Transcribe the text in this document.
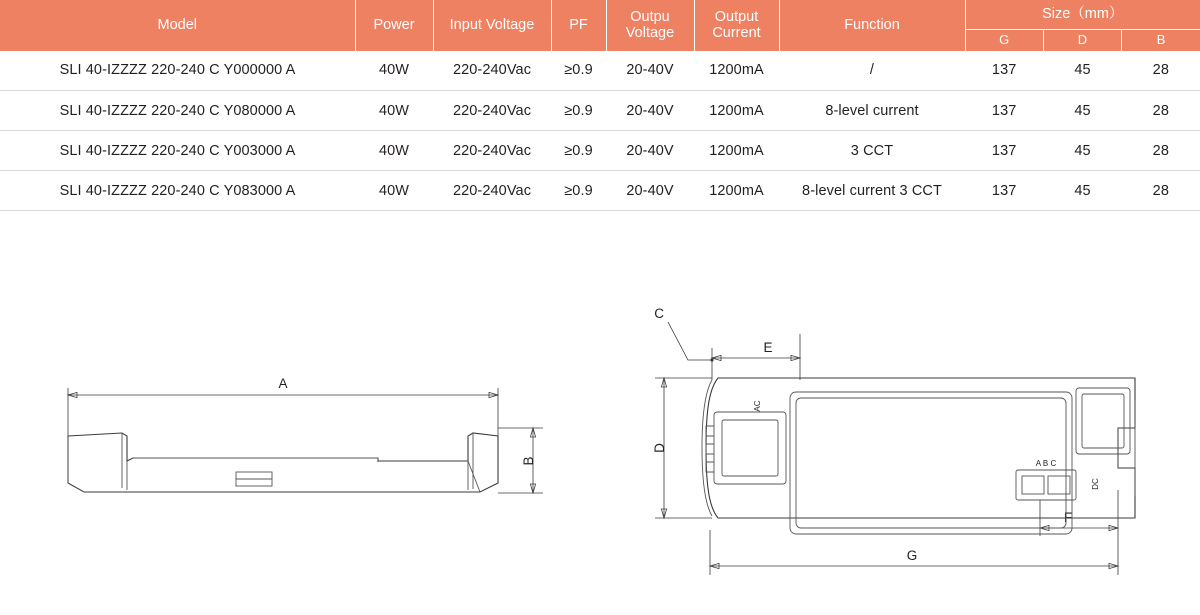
Model	Power	Input Voltage	PF	Outpu Voltage	Output Current	Function	Size（mm）		
							G	D	B
SLI 40-IZZZZ 220-240 C Y000000 A	40W	220-240Vac	≥0.9	20-40V	1200mA	/	137	45	28
SLI 40-IZZZZ 220-240 C Y080000 A	40W	220-240Vac	≥0.9	20-40V	1200mA	8-level current	137	45	28
SLI 40-IZZZZ 220-240 C Y003000 A	40W	220-240Vac	≥0.9	20-40V	1200mA	3 CCT	137	45	28
SLI 40-IZZZZ 220-240 C Y083000 A	40W	220-240Vac	≥0.9	20-40V	1200mA	8-level current 3 CCT	137	45	28
A
B
C
E
D
F
G
AC
A B C
DC
